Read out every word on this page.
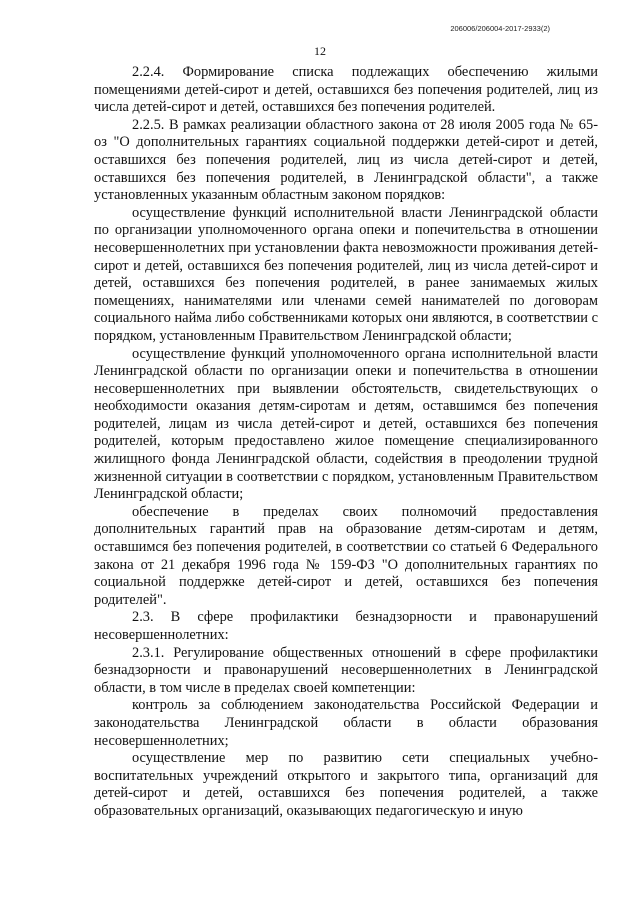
206006/206004-2017-2933(2)
12

2.2.4. Формирование списка подлежащих обеспечению жилыми помещениями детей-сирот и детей, оставшихся без попечения родителей, лиц из числа детей-сирот и детей, оставшихся без попечения родителей.

2.2.5. В рамках реализации областного закона от 28 июля 2005 года № 65-оз "О дополнительных гарантиях социальной поддержки детей-сирот и детей, оставшихся без попечения родителей, лиц из числа детей-сирот и детей, оставшихся без попечения родителей, в Ленинградской области", а также установленных указанным областным законом порядков:

осуществление функций исполнительной власти Ленинградской области по организации уполномоченного органа опеки и попечительства в отношении несовершеннолетних при установлении факта невозможности проживания детей-сирот и детей, оставшихся без попечения родителей, лиц из числа детей-сирот и детей, оставшихся без попечения родителей, в ранее занимаемых жилых помещениях, нанимателями или членами семей нанимателей по договорам социального найма либо собственниками которых они являются, в соответствии с порядком, установленным Правительством Ленинградской области;

осуществление функций уполномоченного органа исполнительной власти Ленинградской области по организации опеки и попечительства в отношении несовершеннолетних при выявлении обстоятельств, свидетельствующих о необходимости оказания детям-сиротам и детям, оставшимся без попечения родителей, лицам из числа детей-сирот и детей, оставшихся без попечения родителей, которым предоставлено жилое помещение специализированного жилищного фонда Ленинградской области, содействия в преодолении трудной жизненной ситуации в соответствии с порядком, установленным Правительством Ленинградской области;

обеспечение в пределах своих полномочий предоставления дополнительных гарантий прав на образование детям-сиротам и детям, оставшимся без попечения родителей, в соответствии со статьей 6 Федерального закона от 21 декабря 1996 года № 159-ФЗ "О дополнительных гарантиях по социальной поддержке детей-сирот и детей, оставшихся без попечения родителей".

2.3. В сфере профилактики безнадзорности и правонарушений несовершеннолетних:

2.3.1. Регулирование общественных отношений в сфере профилактики безнадзорности и правонарушений несовершеннолетних в Ленинградской области, в том числе в пределах своей компетенции:

контроль за соблюдением законодательства Российской Федерации и законодательства Ленинградской области в области образования несовершеннолетних;

осуществление мер по развитию сети специальных учебно-воспитательных учреждений открытого и закрытого типа, организаций для детей-сирот и детей, оставшихся без попечения родителей, а также образовательных организаций, оказывающих педагогическую и иную
